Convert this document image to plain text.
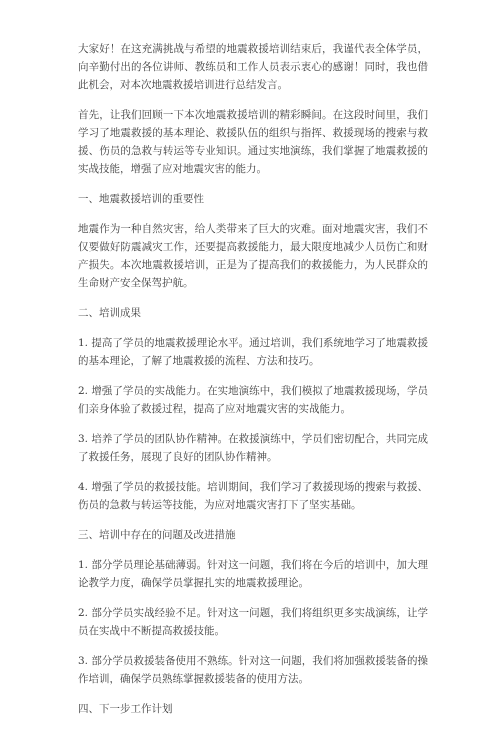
大家好！在这充满挑战与希望的地震救援培训结束后，我谨代表全体学员，向辛勤付出的各位讲师、教练员和工作人员表示衷心的感谢！同时，我也借此机会，对本次地震救援培训进行总结发言。

首先，让我们回顾一下本次地震救援培训的精彩瞬间。在这段时间里，我们学习了地震救援的基本理论、救援队伍的组织与指挥、救援现场的搜索与救援、伤员的急救与转运等专业知识。通过实地演练，我们掌握了地震救援的实战技能，增强了应对地震灾害的能力。

一、地震救援培训的重要性

地震作为一种自然灾害，给人类带来了巨大的灾难。面对地震灾害，我们不仅要做好防震减灾工作，还要提高救援能力，最大限度地减少人员伤亡和财产损失。本次地震救援培训，正是为了提高我们的救援能力，为人民群众的生命财产安全保驾护航。

二、培训成果

1. 提高了学员的地震救援理论水平。通过培训，我们系统地学习了地震救援的基本理论，了解了地震救援的流程、方法和技巧。

2. 增强了学员的实战能力。在实地演练中，我们模拟了地震救援现场，学员们亲身体验了救援过程，提高了应对地震灾害的实战能力。

3. 培养了学员的团队协作精神。在救援演练中，学员们密切配合，共同完成了救援任务，展现了良好的团队协作精神。

4. 增强了学员的救援技能。培训期间，我们学习了救援现场的搜索与救援、伤员的急救与转运等技能，为应对地震灾害打下了坚实基础。

三、培训中存在的问题及改进措施

1. 部分学员理论基础薄弱。针对这一问题，我们将在今后的培训中，加大理论教学力度，确保学员掌握扎实的地震救援理论。

2. 部分学员实战经验不足。针对这一问题，我们将组织更多实战演练，让学员在实战中不断提高救援技能。

3. 部分学员救援装备使用不熟练。针对这一问题，我们将加强救援装备的操作培训，确保学员熟练掌握救援装备的使用方法。

四、下一步工作计划
